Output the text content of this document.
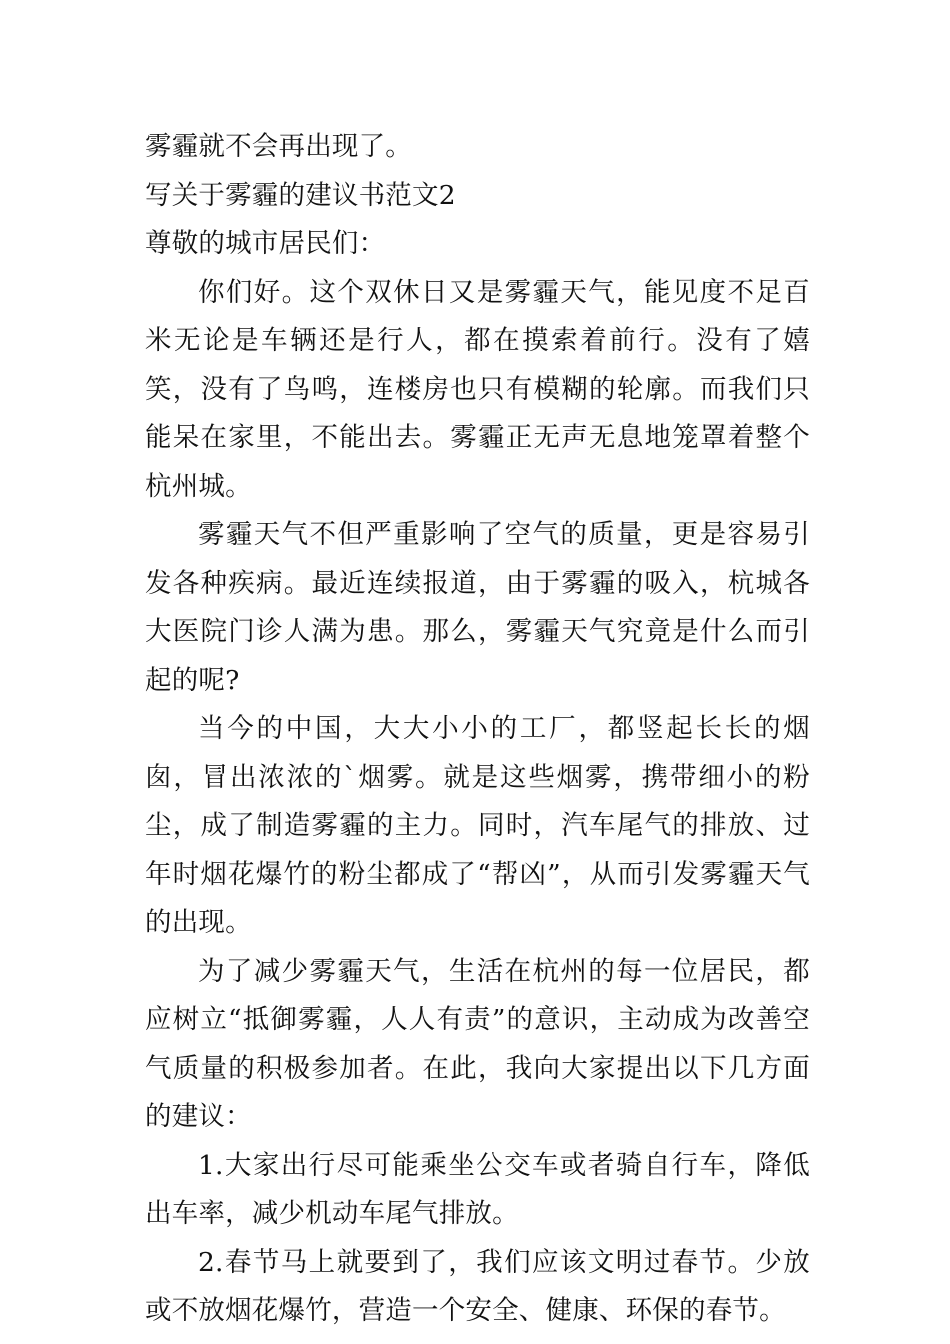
雾霾就不会再出现了。

写关于雾霾的建议书范文2

尊敬的城市居民们：

你们好。这个双休日又是雾霾天气，能见度不足百米无论是车辆还是行人，都在摸索着前行。没有了嬉笑，没有了鸟鸣，连楼房也只有模糊的轮廓。而我们只能呆在家里，不能出去。雾霾正无声无息地笼罩着整个杭州城。

雾霾天气不但严重影响了空气的质量，更是容易引发各种疾病。最近连续报道，由于雾霾的吸入，杭城各大医院门诊人满为患。那么，雾霾天气究竟是什么而引起的呢?

当今的中国，大大小小的工厂，都竖起长长的烟囱，冒出浓浓的`烟雾。就是这些烟雾，携带细小的粉尘，成了制造雾霾的主力。同时，汽车尾气的排放、过年时烟花爆竹的粉尘都成了“帮凶”，从而引发雾霾天气的出现。

为了减少雾霾天气，生活在杭州的每一位居民，都应树立“抵御雾霾，人人有责”的意识，主动成为改善空气质量的积极参加者。在此，我向大家提出以下几方面的建议：

1.大家出行尽可能乘坐公交车或者骑自行车，降低出车率，减少机动车尾气排放。

2.春节马上就要到了，我们应该文明过春节。少放或不放烟花爆竹，营造一个安全、健康、环保的春节。
